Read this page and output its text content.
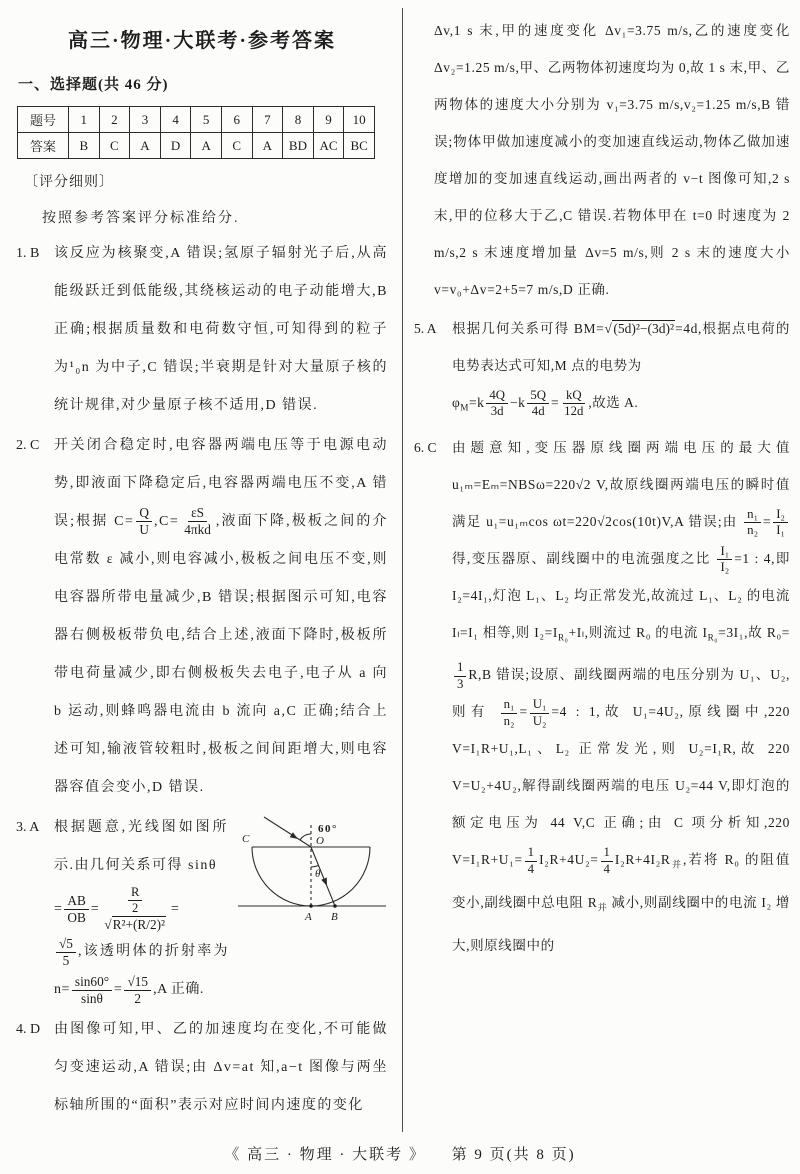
高三·物理·大联考·参考答案
一、选择题(共 46 分)
题号	1	2	3	4	5	6	7	8	9	10
答案	B	C	A	D	A	C	A	BD	AC	BC
〔评分细则〕
按照参考答案评分标准给分.
1. B 该反应为核聚变,A 错误;氢原子辐射光子后,从高能级跃迁到低能级,其绕核运动的电子动能增大,B 正确;根据质量数和电荷数守恒,可知得到的粒子为¹₀n 为中子,C 错误;半衰期是针对大量原子核的统计规律,对少量原子核不适用,D 错误.
2. C 开关闭合稳定时,电容器两端电压等于电源电动势,即液面下降稳定后,电容器两端电压不变,A 错误;根据 $C= \frac{Q}{U} ,C=$
εS
4πkd
,液面下降,极板之间的介电常数 ε 减小,则电容减小,极板之间电压不变,则电容器所带电量减少,B 错误;根据图示可知,电容器右侧极板带负电,结合上述,液面下降时,极板所带电荷量减少,即右侧极板失去电子,电子从 a 向 b 运动,则蜂鸣器电流由 b 流向 a,C 正确;结合上述可知,输液管较粗时,极板之间间距增大,则电容器容值会变小,D 错误.
3. A	60°
θ
C	O
A B
根据题意,光线图如图所示.由几何关系可得 sinθ
= $\frac{AB}{OB} = \frac{\frac{R}{2}}{\text{√R²+(R/2)²}}$ =
$\frac{√5}{5}$ ,该透明体的折射率为 $n= \frac{\sin 60^\circ}{\sin\theta} = \frac{√15}{2} ,A$ 正确.
4. D 由图像可知,甲、乙的加速度均在变化,不可能做匀变速运动,A 错误;由 Δv=at 知,a−t 图像与两坐标轴所围的“面积”表示对应时间内速度的变化
Δv,1 s 末,甲的速度变化 Δv₁=3.75 m/s,乙的速度变化 Δv₂=1.25 m/s,甲、乙两物体初速度均为 0,故 1 s 末,甲、乙两物体的速度大小分别为 v₁=3.75 m/s,v₂=1.25 m/s,B 错误;物体甲做加速度减小的变加速直线运动,物体乙做加速度增加的变加速直线运动,画出两者的 v−t 图像可知,2 s 末,甲的位移大于乙,C 错误.若物体甲在 t=0 时速度为 2 m/s,2 s 末速度增加量 Δv=5 m/s,则 2 s 末的速度大小 v=v₀+Δv=2+5=7 m/s,D 正确.
5. A 根据几何关系可得 BM=√(5d)²−(3d)²=4d,根据点电荷的电势表达式可知,M 点的电势为
$\varphi_M=k \frac{4Q}{3d} -k \frac{5Q}{4d} = \frac{kQ}{12d}$ ,故选 A.
6. C 由题意知,变压器原线圈两端电压的最大值 u₁ₘ=Eₘ=NBSω=220√2 V,故原线圈两端电压的瞬时值满足 u₁=u₁ₘcos ωt=220√2cos(10t)V,A 错误;由 $\frac{\text{n₁}}{\text{n₂}} = \frac{\text{I₂}}{\text{I₁}}$
得,变压器原、副线圈中的电流强度之比 $\frac{\text{I₁}}{\text{I₂}} =1$ : 4,即 I₂=4I₁,灯泡 L₁、L₂ 均正常发光,故流过 L₁、L₂ 的电流 Iₗ=I₁ 相等,则 $I_2=I_{R_0}+I_l$,则流过 R₀ 的电流 $I_{R_0}=3I_1$,故 R₀=
$\frac{1}{3} R,B$ 错误;设原、副线圈两端的电压分别为 U₁、U₂,则有 $\frac{\text{n₁}}{\text{n₂}} = \frac{\text{U₁}}{\text{U₂}} =4$ : 1,故 U₁=4U₂,原线圈中,220 V=I₁R+U₁,L₁、L₂ 正常发光,则 U₂=I₁R,故 220 V=U₂+4U₂,解得副线圈两端的电压 U₂=44 V,即灯泡的额定电压为 44 V,C 正确;由 C 项分析知,220 $V=I_1R+U_1= \frac{1}{4} I_2R+4U_2= \frac{1}{4} I_2R+4I_2R_并$,若将 R₀ 的阻值变小,副线圈中总电阻 $R_并$ 减小,则副线圈中的电流 I₂ 增大,则原线圈中的
《 高三 · 物理 · 大联考 》 第 9 页(共 8 页)
